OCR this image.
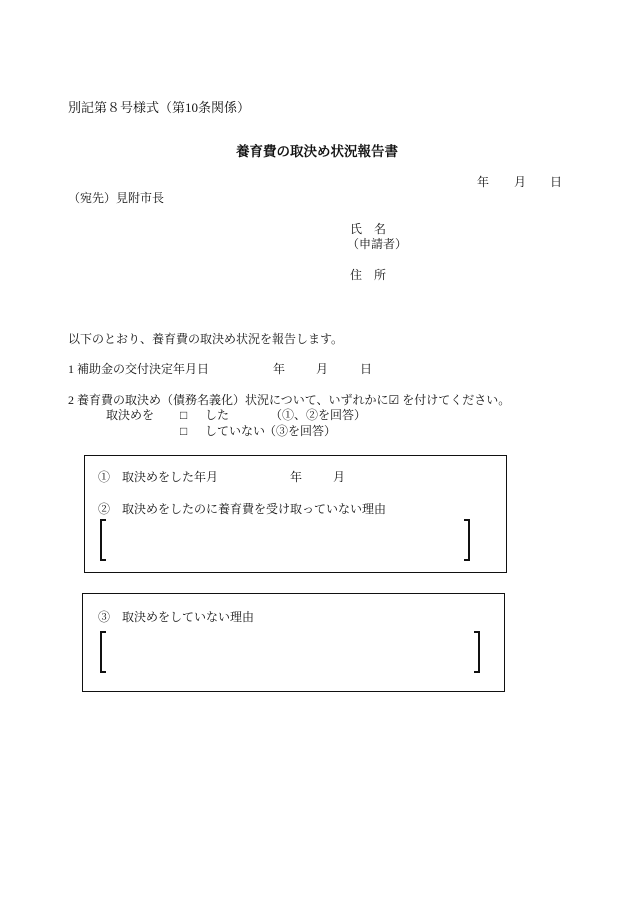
別記第８号様式（第10条関係）
養育費の取決め状況報告書
年 月 日
（宛先）見附市長
氏　名
（申請者）
住　所
以下のとおり、養育費の取決め状況を報告します。
1 補助金の交付決定年月日	年	月	日
2 養育費の取決め（債務名義化）状況について、いずれかに☑ を付けてください。
取決めを □ した	（①、②を回答）
□ していない
（③を回答）
①　取決めをした年月	年	月
②　取決めをしたのに養育費を受け取っていない理由
③　取決めをしていない理由
